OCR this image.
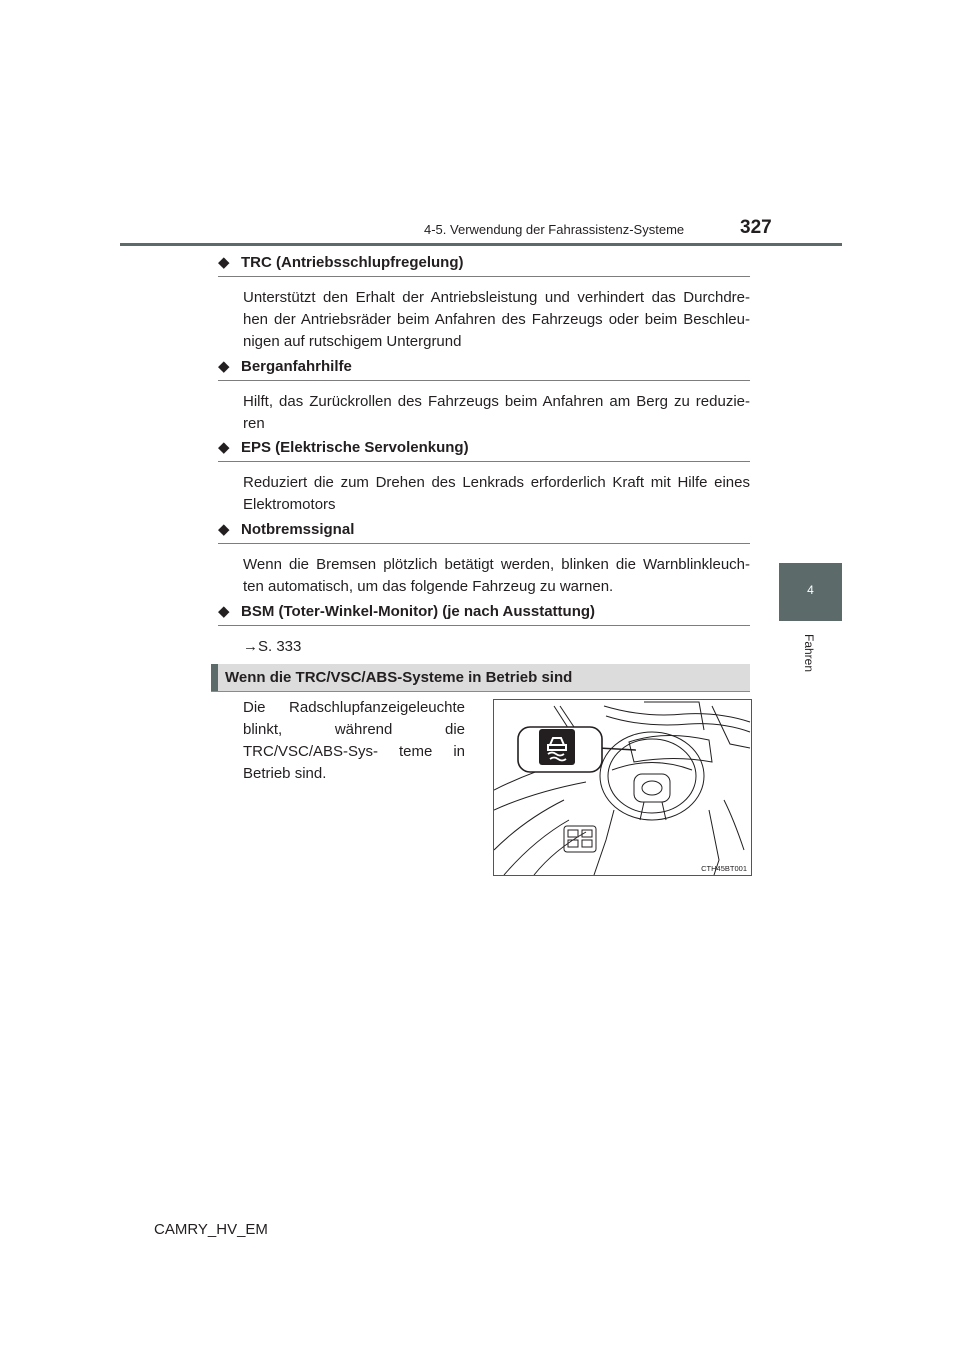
4-5. Verwendung der Fahrassistenz-Systeme	327
4
Fahren
◆ TRC (Antriebsschlupfregelung)
Unterstützt den Erhalt der Antriebsleistung und verhindert das Durchdre- hen der Antriebsräder beim Anfahren des Fahrzeugs oder beim Beschleu- nigen auf rutschigem Untergrund
◆ Berganfahrhilfe
Hilft, das Zurückrollen des Fahrzeugs beim Anfahren am Berg zu reduzie- ren
◆ EPS (Elektrische Servolenkung)
Reduziert die zum Drehen des Lenkrads erforderlich Kraft mit Hilfe eines Elektromotors
◆ Notbremssignal
Wenn die Bremsen plötzlich betätigt werden, blinken die Warnblinkleuch- ten automatisch, um das folgende Fahrzeug zu warnen.
◆ BSM (Toter-Winkel-Monitor) (je nach Ausstattung)
→S. 333
Wenn die TRC/VSC/ABS-Systeme in Betrieb sind
Die Radschlupfanzeigeleuchte blinkt, während die TRC/VSC/ABS-Sys- teme in Betrieb sind.
CTH45BT001
CAMRY_HV_EM
